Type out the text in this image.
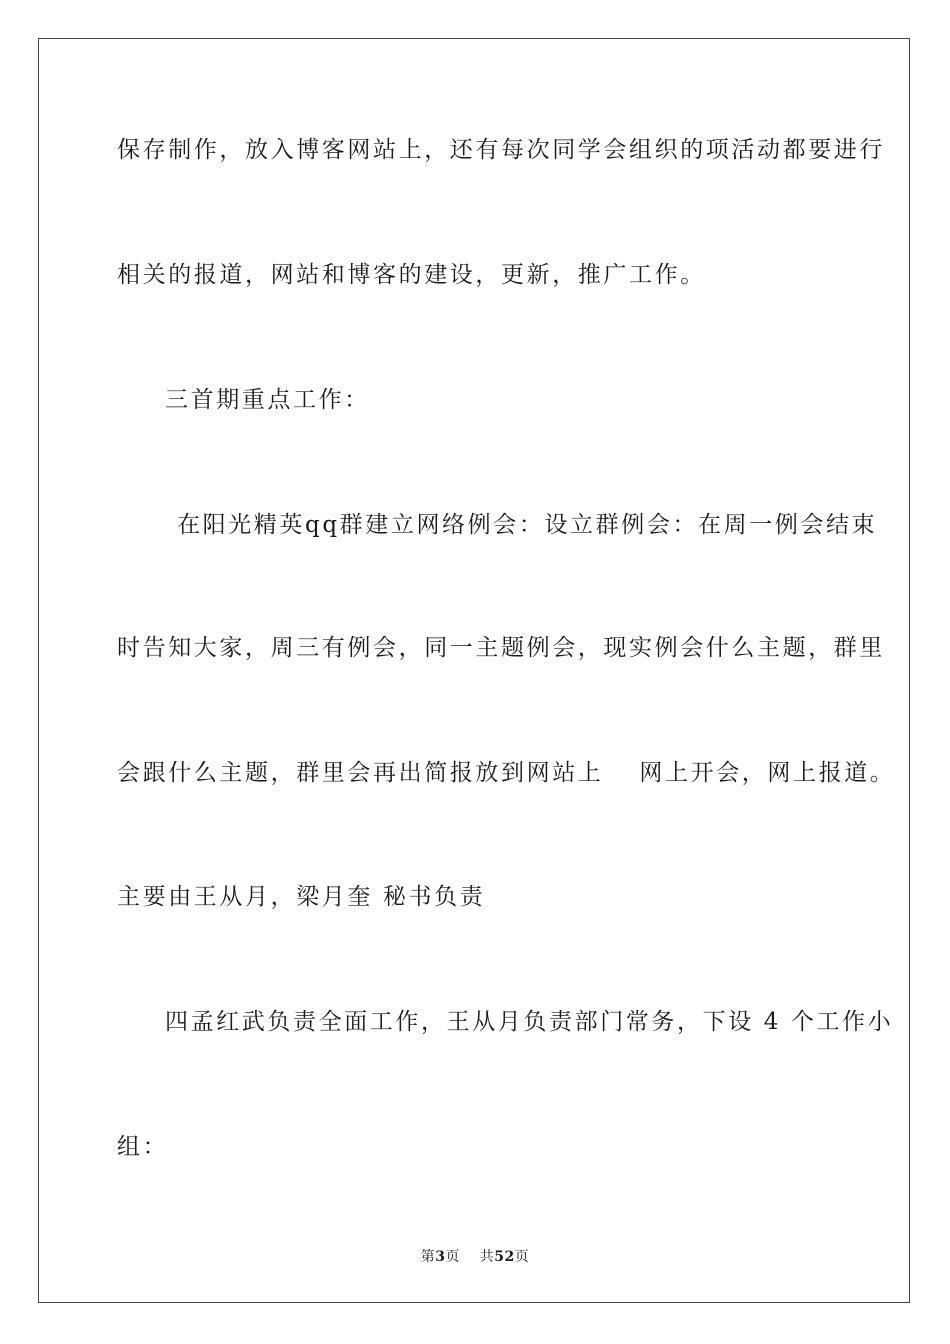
保存制作，放入博客网站上，还有每次同学会组织的项活动都要进行
相关的报道，网站和博客的建设，更新，推广工作。
三首期重点工作：
在阳光精英qq群建立网络例会：设立群例会：在周一例会结束
时告知大家，周三有例会，同一主题例会，现实例会什么主题，群里
会跟什么主题，群里会再出简报放到网站上 网上开会，网上报道。
主要由王从月，梁月奎 秘书负责
四孟红武负责全面工作，王从月负责部门常务，下设 4 个工作小
组：
第3页 共52页
